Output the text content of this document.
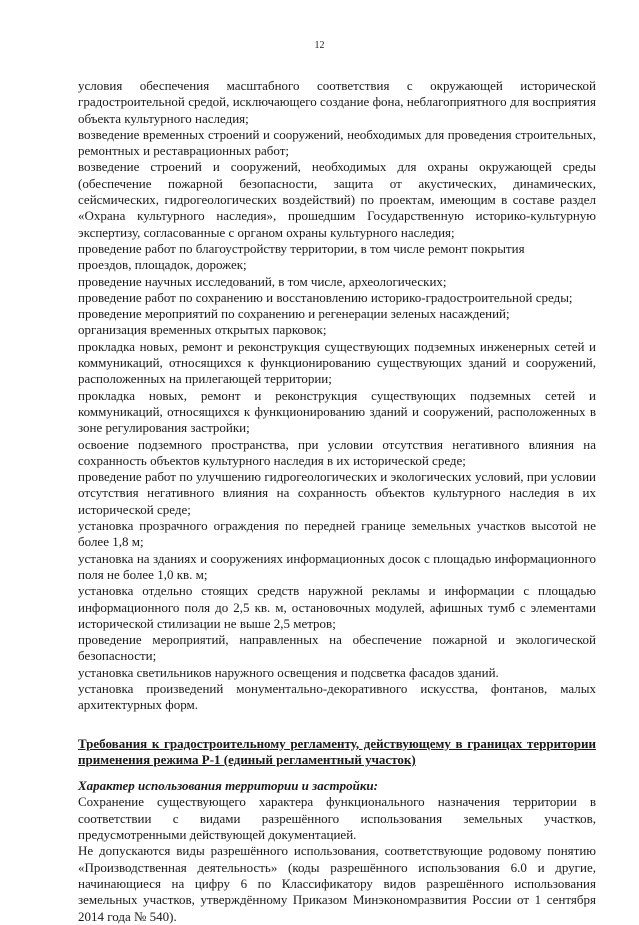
12

условия обеспечения масштабного соответствия с окружающей исторической градостроительной средой, исключающего создание фона, неблагоприятного для восприятия объекта культурного наследия;

возведение временных строений и сооружений, необходимых для проведения строительных, ремонтных и реставрационных работ;

возведение строений и сооружений, необходимых для охраны окружающей среды (обеспечение пожарной безопасности, защита от акустических, динамических, сейсмических, гидрогеологических воздействий) по проектам, имеющим в составе раздел «Охрана культурного наследия», прошедшим Государственную историко-культурную экспертизу, согласованные с органом охраны культурного наследия;

проведение работ по благоустройству территории, в том числе ремонт покрытия

проездов, площадок, дорожек;

проведение научных исследований, в том числе, археологических;

проведение работ по сохранению и восстановлению историко-градостроительной среды;

проведение мероприятий по сохранению и регенерации зеленых насаждений;

организация временных открытых парковок;

прокладка новых, ремонт и реконструкция существующих подземных инженерных сетей и коммуникаций, относящихся к функционированию существующих зданий и сооружений, расположенных на прилегающей территории;

прокладка новых, ремонт и реконструкция существующих подземных сетей и коммуникаций, относящихся к функционированию зданий и сооружений, расположенных в зоне регулирования застройки;

освоение подземного пространства, при условии отсутствия негативного влияния на сохранность объектов культурного наследия в их исторической среде;

проведение работ по улучшению гидрогеологических и экологических условий, при условии отсутствия негативного влияния на сохранность объектов культурного наследия в их исторической среде;

установка прозрачного ограждения по передней границе земельных участков высотой не более 1,8 м;

установка на зданиях и сооружениях информационных досок с площадью информационного поля не более 1,0 кв. м;

установка отдельно стоящих средств наружной рекламы и информации с площадью информационного поля до 2,5 кв. м, остановочных модулей, афишных тумб с элементами исторической стилизации не выше 2,5 метров;

проведение мероприятий, направленных на обеспечение пожарной и экологической безопасности;

установка светильников наружного освещения и подсветка фасадов зданий.

установка произведений монументально-декоративного искусства, фонтанов, малых архитектурных форм.

Требования к градостроительному регламенту, действующему в границах территории применения режима Р-1 (единый регламентный участок)

Характер использования территории и застройки:

Сохранение существующего характера функционального назначения территории в соответствии с видами разрешённого использования земельных участков, предусмотренными действующей документацией.

Не допускаются виды разрешённого использования, соответствующие родовому понятию «Производственная деятельность» (коды разрешённого использования 6.0 и другие, начинающиеся на цифру 6 по Классификатору видов разрешённого использования земельных участков, утверждённому Приказом Минэкономразвития России от 1 сентября 2014 года № 540).
